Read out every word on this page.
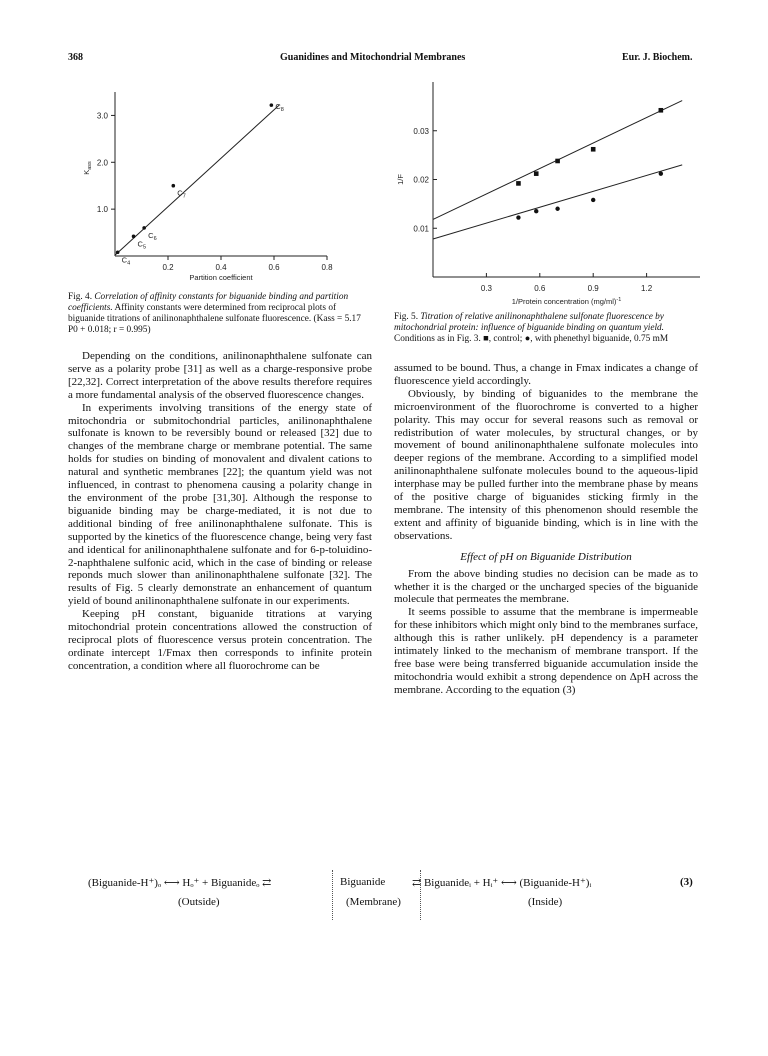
368	Guanidines and Mitochondrial Membranes	Eur. J. Biochem.
1.0
2.0
3.0
0.2	0.4	0.6	0.8
Partition coefficient
$K_{ass}$
$C_4$
$C_5$
$C_6$
$C_7$
$C_8$
Fig. 4. Correlation of affinity constants for biguanide binding and partition coefficients. Affinity constants were determined from reciprocal plots of biguanide titrations of anilinonaphthalene sulfonate fluorescence. (Kass = 5.17 P0 + 0.018; r = 0.995)
0.01
0.02
0.03
0.3	0.6	0.9	1.2
1/Protein concentration $(mg/ml)^{-1}$
1/F
Fig. 5. Titration of relative anilinonaphthalene sulfonate fluorescence by mitochondrial protein: influence of biguanide binding on quantum yield. Conditions as in Fig. 3. ■, control; ●, with phenethyl biguanide, 0.75 mM

Depending on the conditions, anilinonaphthalene sulfonate can serve as a polarity probe [31] as well as a charge-responsive probe [22,32]. Correct interpretation of the above results therefore requires a more fundamental analysis of the observed fluorescence changes.

In experiments involving transitions of the energy state of mitochondria or submitochondrial particles, anilinonaphthalene sulfonate is known to be reversibly bound or released [32] due to changes of the membrane charge or membrane potential. The same holds for studies on binding of monovalent and divalent cations to natural and synthetic membranes [22]; the quantum yield was not influenced, in contrast to phenomena causing a polarity change in the environment of the probe [31,30]. Although the response to biguanide binding may be charge-mediated, it is not due to additional binding of free anilinonaphthalene sulfonate. This is supported by the kinetics of the fluorescence change, being very fast and identical for anilinonaphthalene sulfonate and for 6-p-toluidino-2-naphthalene sulfonic acid, which in the case of binding or release reponds much slower than anilinonaphthalene sulfonate [32]. The results of Fig. 5 clearly demonstrate an enhancement of quantum yield of bound anilinonaphthalene sulfonate in our experiments.

Keeping pH constant, biguanide titrations at varying mitochondrial protein concentrations allowed the construction of reciprocal plots of fluorescence versus protein concentration. The ordinate intercept 1/Fmax then corresponds to infinite protein concentration, a condition where all fluorochrome can be

assumed to be bound. Thus, a change in Fmax indicates a change of fluorescence yield accordingly.

Obviously, by binding of biguanides to the membrane the microenvironment of the fluorochrome is converted to a higher polarity. This may occur for several reasons such as removal or redistribution of water molecules, by structural changes, or by movement of bound anilinonaphthalene sulfonate molecules into deeper regions of the membrane. According to a simplified model anilinonaphthalene sulfonate molecules bound to the aqueous-lipid interphase may be pulled further into the membrane phase by means of the positive charge of biguanides sticking firmly in the membrane. The intensity of this phenomenon should resemble the extent and affinity of biguanide binding, which is in line with the observations.

Effect of pH on Biguanide Distribution

From the above binding studies no decision can be made as to whether it is the charged or the uncharged species of the biguanide molecule that permeates the membrane.

It seems possible to assume that the membrane is impermeable for these inhibitors which might only bind to the membranes surface, although this is rather unlikely. pH dependency is a parameter intimately linked to the mechanism of membrane transport. If the free base were being transferred biguanide accumulation inside the mitochondria would exhibit a strong dependence on ΔpH across the membrane. According to the equation (3)

(Biguanide-H⁺)ₒ ⟷ Hₒ⁺ + Biguanideₒ ⇄	Biguanide ⇄ Biguanideᵢ + Hᵢ⁺ ⟷ (Biguanide-H⁺)ᵢ	(3)
(Outside)	(Membrane)	(Inside)
